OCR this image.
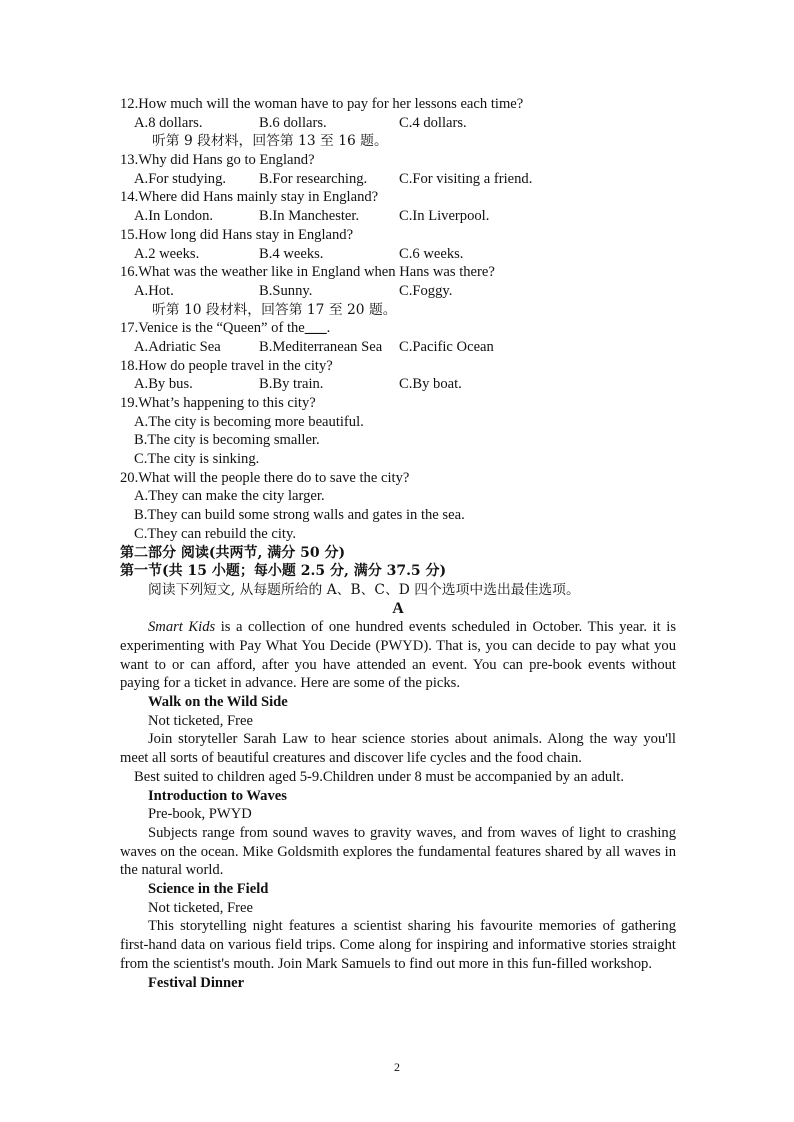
12.How much will the woman have to pay for her lessons each time?
A.8 dollars.	B.6 dollars.	C.4 dollars.
听第 9 段材料，回答第 13 至 16 题。
13.Why did Hans go to England?
A.For studying.	B.For researching.	C.For visiting a friend.
14.Where did Hans mainly stay in England?
A.In London.	B.In Manchester.	C.In Liverpool.
15.How long did Hans stay in England?
A.2 weeks.	B.4 weeks.	C.6 weeks.
16.What was the weather like in England when Hans was there?
A.Hot.	B.Sunny.	C.Foggy.
听第 10 段材料，回答第 17 至 20 题。
17.Venice is the “Queen” of the___.
A.Adriatic Sea	B.Mediterranean Sea	C.Pacific Ocean
18.How do people travel in the city?
A.By bus.	B.By train.	C.By boat.
19.What’s happening to this city?
A.The city is becoming more beautiful.
B.The city is becoming smaller.
C.The city is sinking.
20.What will the people there do to save the city?
A.They can make the city larger.
B.They can build some strong walls and gates in the sea.
C.They can rebuild the city.
第二部分 阅读(共两节, 满分 50 分)
第一节(共 15 小题；每小题 2.5 分, 满分 37.5 分)
阅读下列短文, 从每题所给的 A、B、C、D 四个选项中选出最佳选项。
A
Smart Kids is a collection of one hundred events scheduled in October. This year. it is experimenting with Pay What You Decide (PWYD). That is, you can decide to pay what you want to or can afford, after you have attended an event. You can pre-book events without paying for a ticket in advance. Here are some of the picks.
Walk on the Wild Side
Not ticketed, Free
Join storyteller Sarah Law to hear science stories about animals. Along the way you'll meet all sorts of beautiful creatures and discover life cycles and the food chain.
Best suited to children aged 5-9.Children under 8 must be accompanied by an adult.
Introduction to Waves
Pre-book, PWYD
Subjects range from sound waves to gravity waves, and from waves of light to crashing waves on the ocean. Mike Goldsmith explores the fundamental features shared by all waves in the natural world.
Science in the Field
Not ticketed, Free
This storytelling night features a scientist sharing his favourite memories of gathering first-hand data on various field trips. Come along for inspiring and informative stories straight from the scientist's mouth. Join Mark Samuels to find out more in this fun-filled workshop.
Festival Dinner
2
